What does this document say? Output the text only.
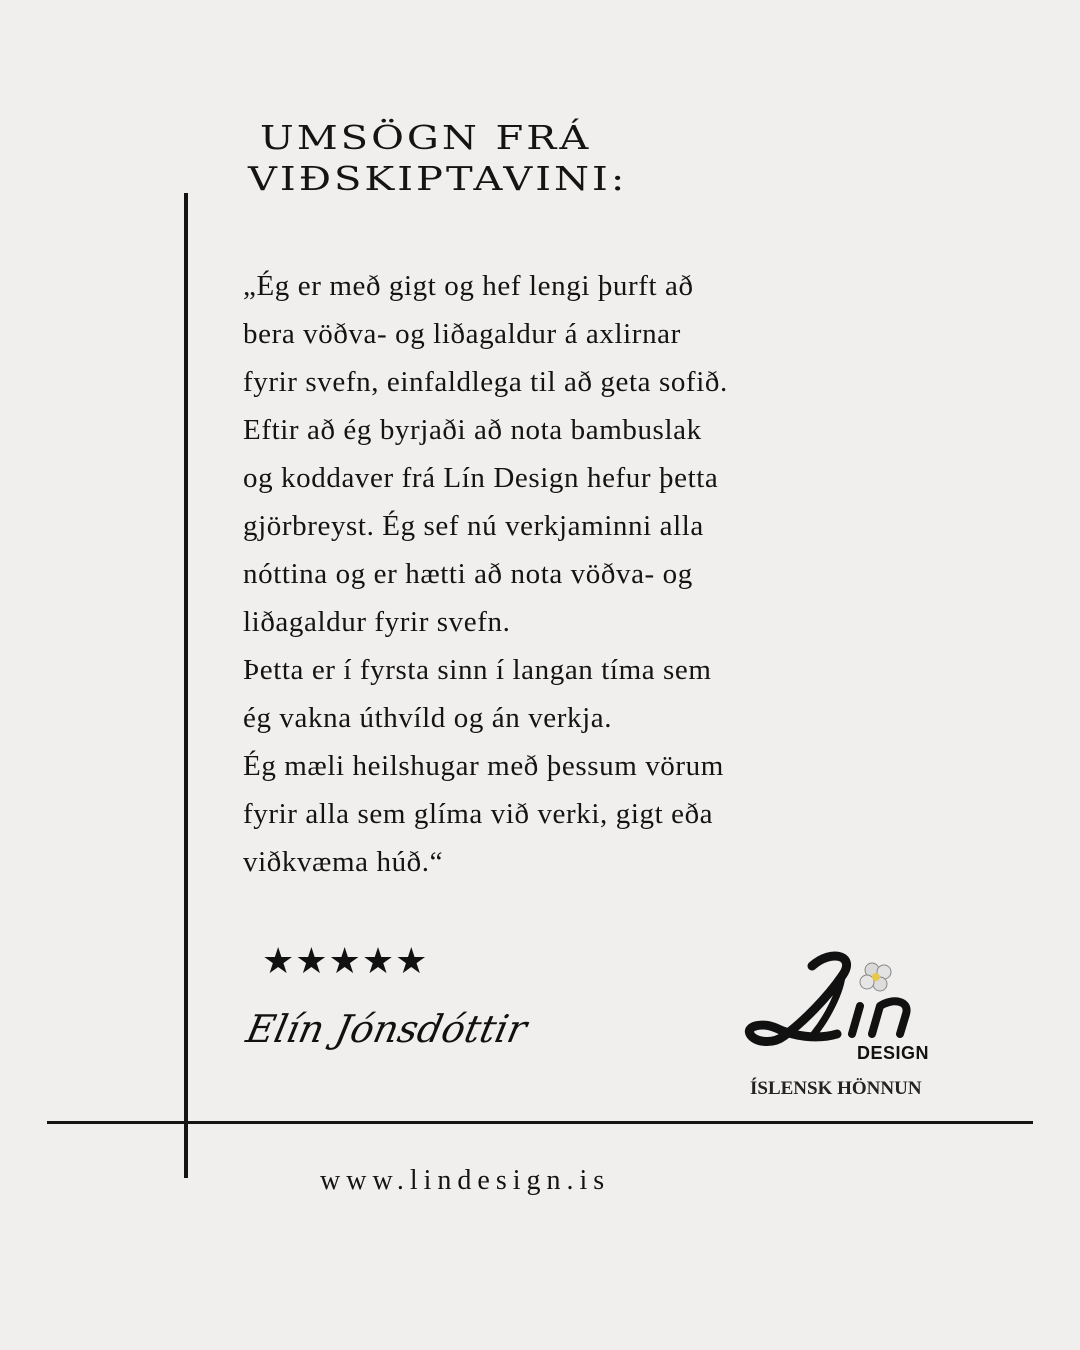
UMSÖGN FRÁ
VIÐSKIPTAVINI:
„Ég er með gigt og hef lengi þurft að
bera vöðva- og liðagaldur á axlirnar
fyrir svefn, einfaldlega til að geta sofið.
Eftir að ég byrjaði að nota bambuslak
og koddaver frá Lín Design hefur þetta
gjörbreyst. Ég sef nú verkjaminni alla
nóttina og er hætti að nota vöðva- og
liðagaldur fyrir svefn.
Þetta er í fyrsta sinn í langan tíma sem
ég vakna úthvíld og án verkja.
Ég mæli heilshugar með þessum vörum
fyrir alla sem glíma við verki, gigt eða
viðkvæma húð.“
★★★★★
Elín Jónsdóttir
DESIGN
ÍSLENSK HÖNNUN
www.lindesign.is
